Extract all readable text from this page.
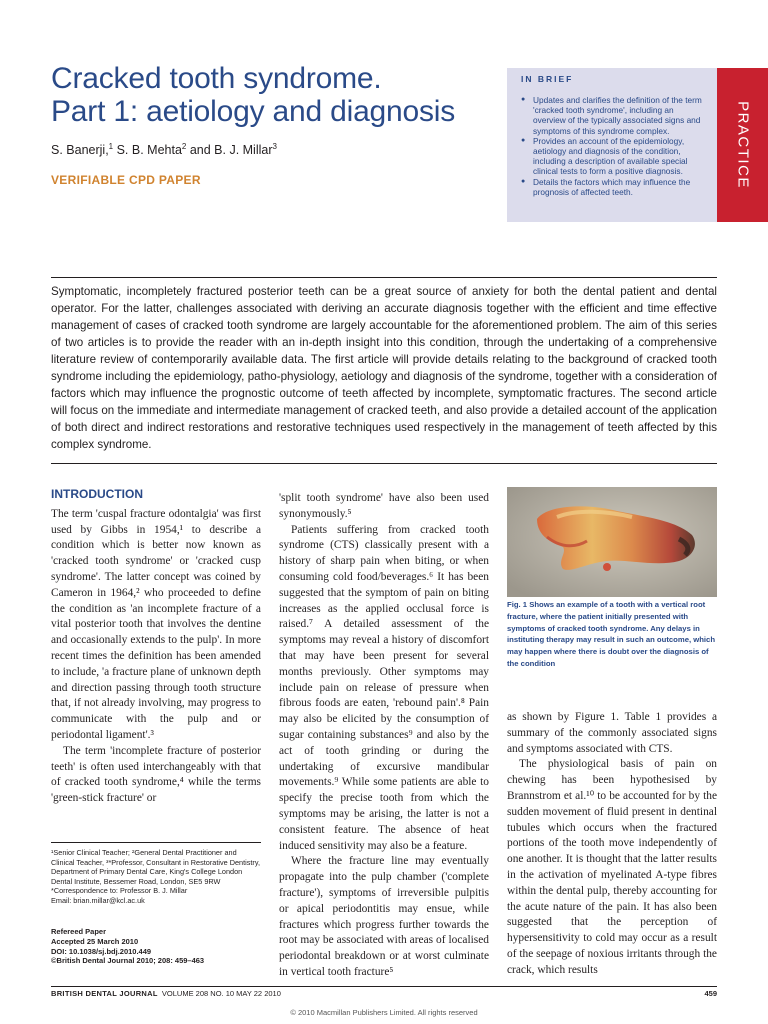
Cracked tooth syndrome.
Part 1: aetiology and diagnosis
S. Banerji,$^1$ S. B. Mehta$^2$ and B. J. Millar$^3$
VERIFIABLE CPD PAPER
IN BRIEF
● Updates and clarifies the definition of the term 'cracked tooth syndrome', including an overview of the typically associated signs and symptoms of this syndrome complex.
● Provides an account of the epidemiology, aetiology and diagnosis of the condition, including a description of available special clinical tests to form a positive diagnosis.
● Details the factors which may influence the prognosis of affected teeth.
PRACTICE
Symptomatic, incompletely fractured posterior teeth can be a great source of anxiety for both the dental patient and dental operator. For the latter, challenges associated with deriving an accurate diagnosis together with the efficient and time effective management of cases of cracked tooth syndrome are largely accountable for the aforementioned problem. The aim of this series of two articles is to provide the reader with an in-depth insight into this condition, through the undertaking of a comprehensive literature review of contemporarily available data. The first article will provide details relating to the background of cracked tooth syndrome including the epidemiology, patho-physiology, aetiology and diagnosis of the syndrome, together with a consideration of factors which may influence the prognostic outcome of teeth affected by incomplete, symptomatic fractures. The second article will focus on the immediate and intermediate management of cracked teeth, and also provide a detailed account of the application of both direct and indirect restorations and restorative techniques used respectively in the management of teeth affected by this complex syndrome.
INTRODUCTION

The term 'cuspal fracture odontalgia' was first used by Gibbs in 1954,¹ to describe a condition which is better now known as 'cracked tooth syndrome' or 'cracked cusp syndrome'. The latter concept was coined by Cameron in 1964,² who proceeded to define the condition as 'an incomplete fracture of a vital posterior tooth that involves the dentine and occasionally extends to the pulp'. In more recent times the definition has been amended to include, 'a fracture plane of unknown depth and direction passing through tooth structure that, if not already involving, may progress to communicate with the pulp and or periodontal ligament'.³

The term 'incomplete fracture of posterior teeth' is often used interchangeably with that of cracked tooth syndrome,⁴ while the terms 'green-stick fracture' or

¹Senior Clinical Teacher; ²General Dental Practitioner and Clinical Teacher, ³*Professor, Consultant in Restorative Dentistry, Department of Primary Dental Care, King's College London Dental Institute, Bessemer Road, London, SE5 9RW
*Correspondence to: Professor B. J. Millar
Email: brian.millar@kcl.ac.uk
Refereed Paper
Accepted 25 March 2010
DOI: 10.1038/sj.bdj.2010.449
©British Dental Journal 2010; 208: 459–463

'split tooth syndrome' have also been used synonymously.⁵

Patients suffering from cracked tooth syndrome (CTS) classically present with a history of sharp pain when biting, or when consuming cold food/beverages.⁶ It has been suggested that the symptom of pain on biting increases as the applied occlusal force is raised.⁷ A detailed assessment of the symptoms may reveal a history of discomfort that may have been present for several months previously. Other symptoms may include pain on release of pressure when fibrous foods are eaten, 'rebound pain'.⁸ Pain may also be elicited by the consumption of sugar containing substances⁹ and also by the act of tooth grinding or during the undertaking of excursive mandibular movements.⁹ While some patients are able to specify the precise tooth from which the symptoms may be arising, the latter is not a consistent feature. The absence of heat induced sensitivity may also be a feature.

Where the fracture line may eventually propagate into the pulp chamber ('complete fracture'), symptoms of irreversible pulpitis or apical periodontitis may ensue, while fractures which progress further towards the root may be associated with areas of localised periodontal breakdown or at worst culminate in vertical tooth fracture⁵

Fig. 1 Shows an example of a tooth with a vertical root fracture, where the patient initially presented with symptoms of cracked tooth syndrome. Any delays in instituting therapy may result in such an outcome, which may happen where there is doubt over the diagnosis of the condition

as shown by Figure 1. Table 1 provides a summary of the commonly associated signs and symptoms associated with CTS.

The physiological basis of pain on chewing has been hypothesised by Brannstrom et al.¹⁰ to be accounted for by the sudden movement of fluid present in dentinal tubules which occurs when the fractured portions of the tooth move independently of one another. It is thought that the latter results in the activation of myelinated A-type fibres within the dental pulp, thereby accounting for the acute nature of the pain. It has also been suggested that the perception of hypersensitivity to cold may occur as a result of the seepage of noxious irritants through the crack, which results

BRITISH DENTAL JOURNAL VOLUME 208 NO. 10 MAY 22 2010	459
© 2010 Macmillan Publishers Limited. All rights reserved
